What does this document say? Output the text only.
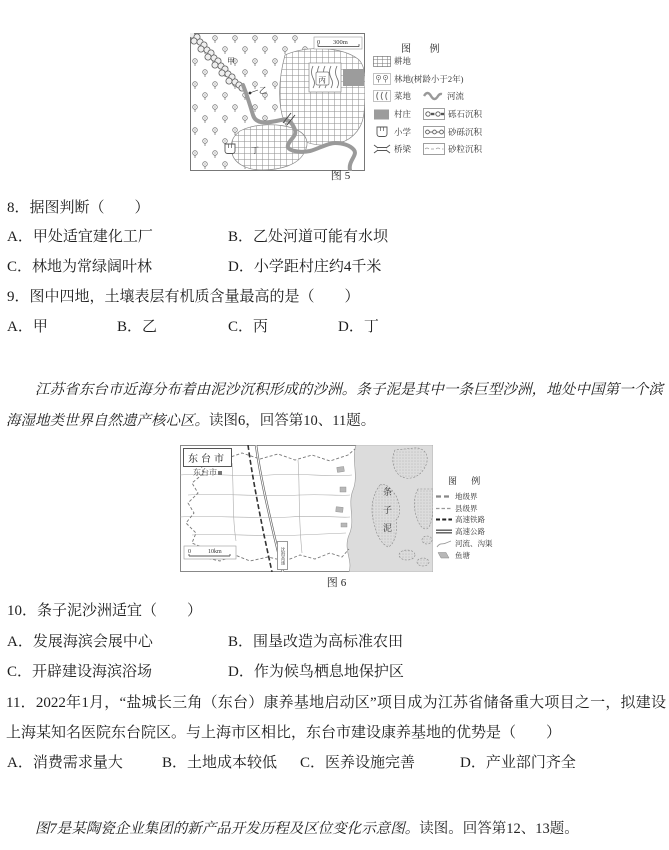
0 300m
甲
乙
丙
丁
图 例
耕地
林地(树龄小于2年)
菜地
村庄
小学
桥梁
河流
砾石沉积
砂砾沉积
砂粒沉积
图5
8．据图判断（　　）
A．甲处适宜建化工厂	B．乙处河道可能有水坝
C．林地为常绿阔叶林	D．小学距村庄约4千米
9．图中四地，土壤表层有机质含量最高的是（　　）
A．甲	B．乙	C．丙	D．丁
江苏省东台市近海分布着由泥沙沉积形成的沙洲。条子泥是其中一条巨型沙洲，地处中国第一个滨海湿地类世界自然遗产核心区。读图6，回答第10、11题。
0	10km
东台市
东台市
条子泥
沈海高速
图 例
地级界
县级界
高速铁路
高速公路
河流、沟渠
鱼塘
图6
10．条子泥沙洲适宜（　　）
A．发展海滨会展中心	B．围垦改造为高标准农田
C．开辟建设海滨浴场	D．作为候鸟栖息地保护区
11．2022年1月，“盐城长三角（东台）康养基地启动区”项目成为江苏省储备重大项目之一，拟建设上海某知名医院东台院区。与上海市区相比，东台市建设康养基地的优势是（　　）
A．消费需求量大	B．土地成本较低 C．医养设施完善	D．产业部门齐全
图7是某陶瓷企业集团的新产品开发历程及区位变化示意图。读图。回答第12、13题。
